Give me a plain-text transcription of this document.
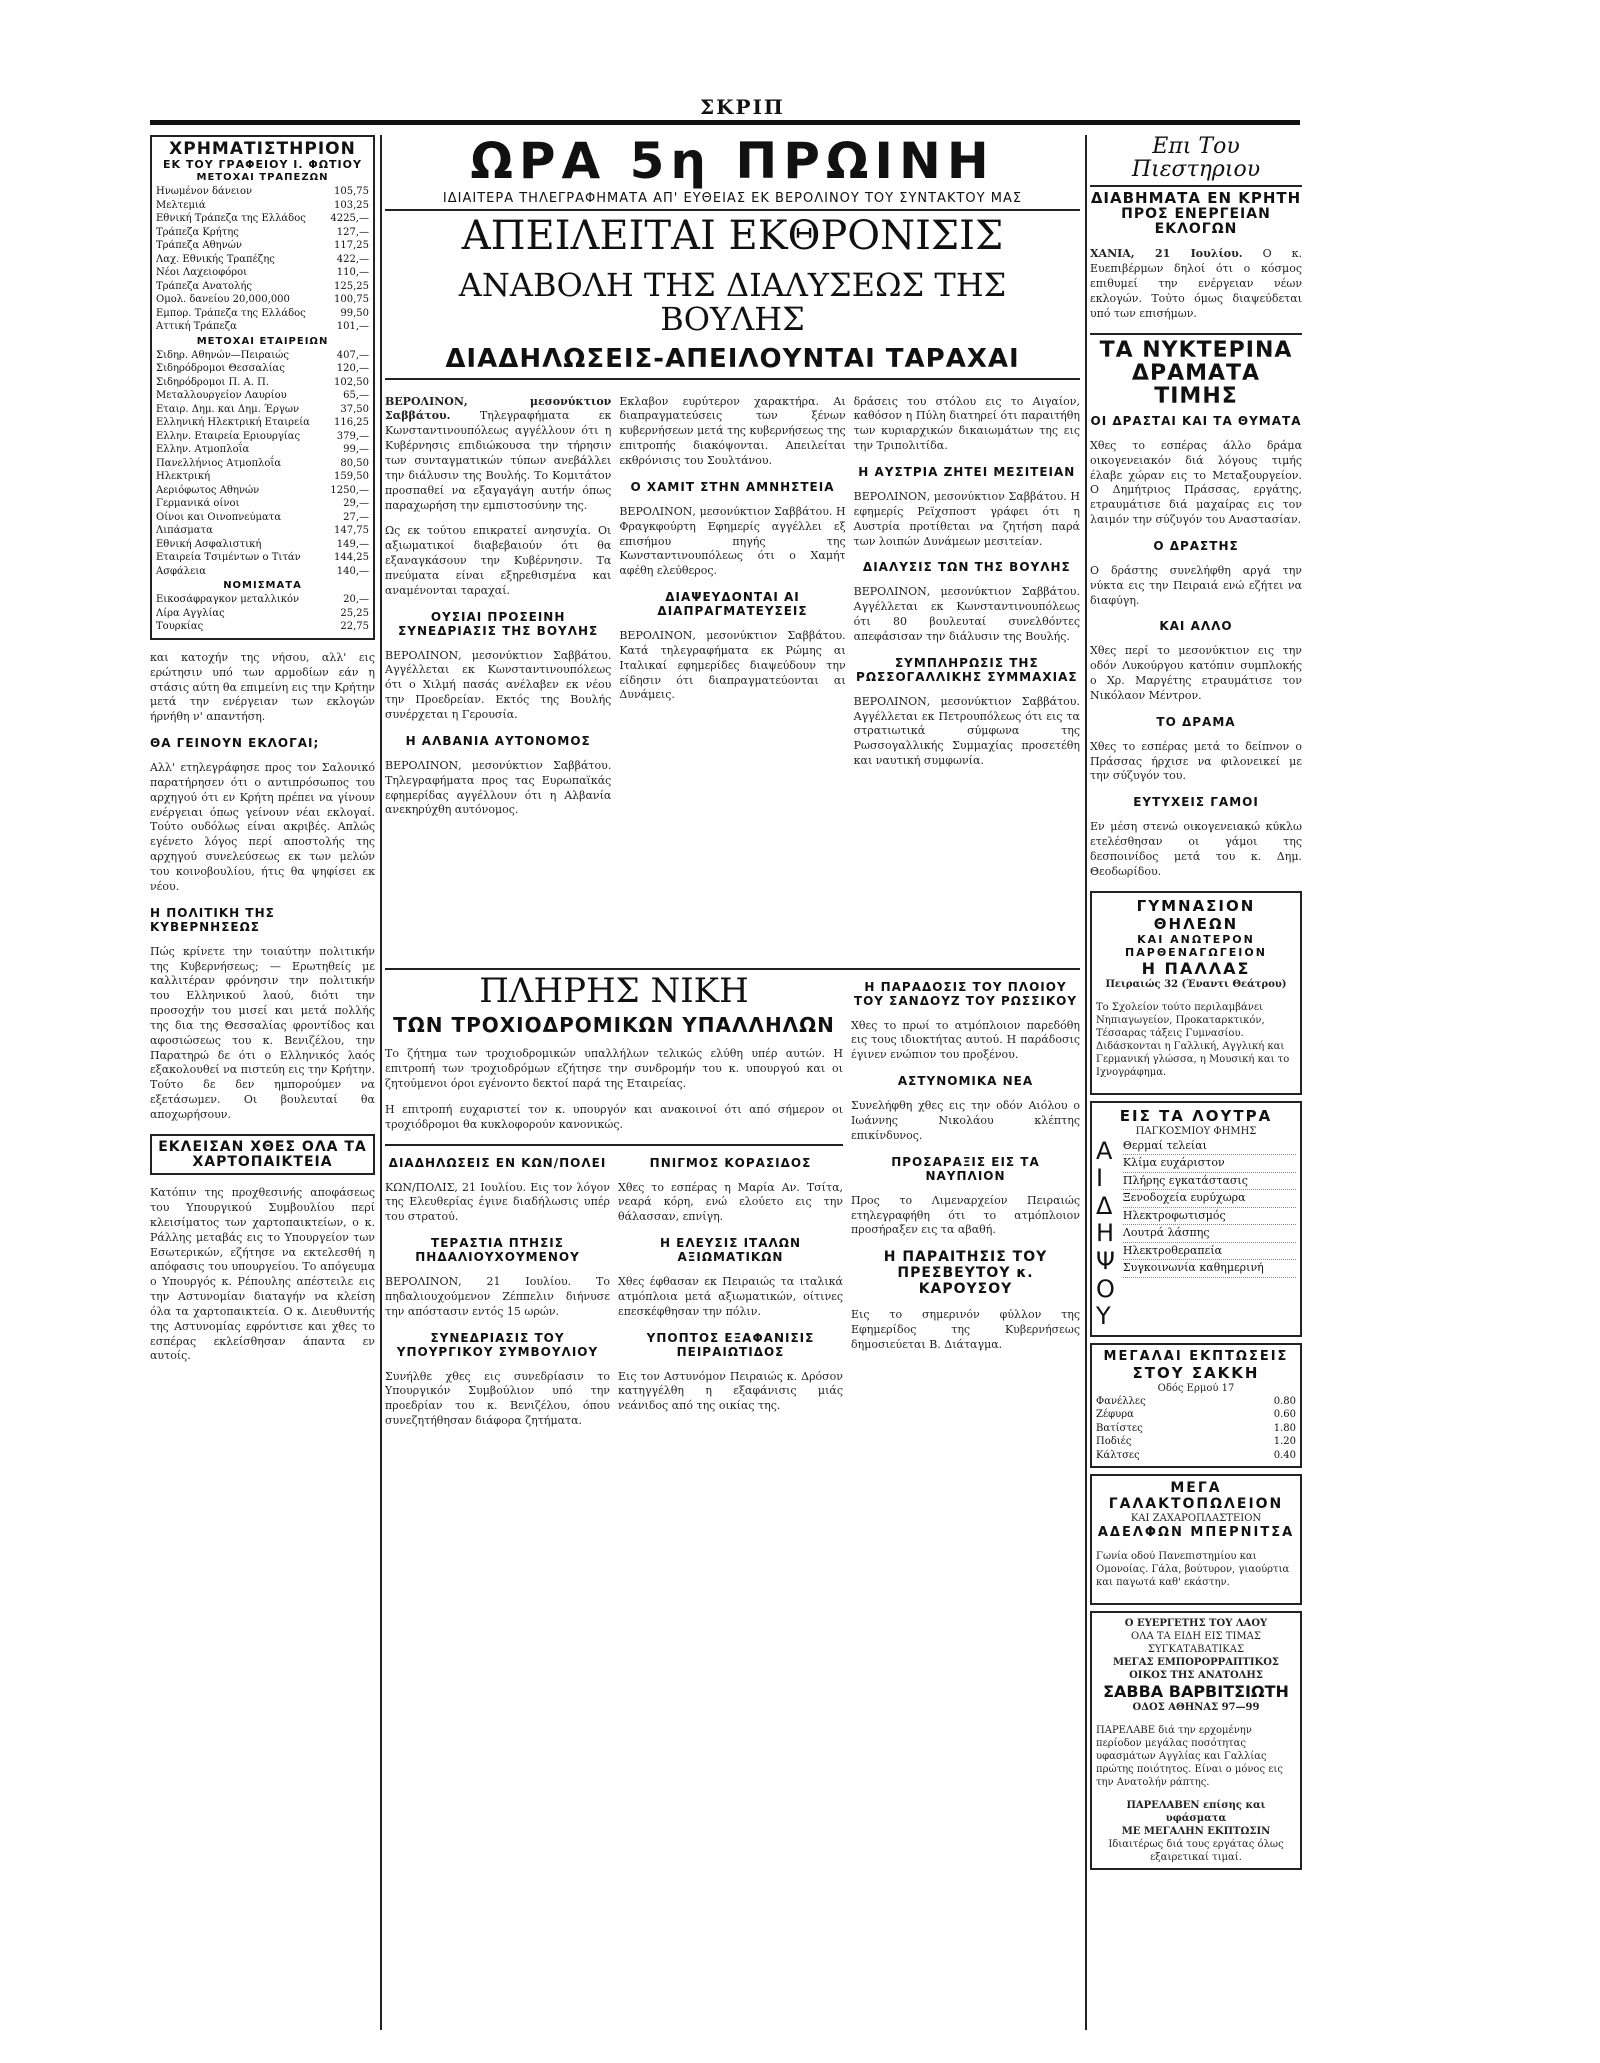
ΣΚΡΙΠ
ΧΡΗΜΑΤΙΣΤΗΡΙΟΝ
ΕΚ ΤΟΥ ΓΡΑΦΕΙΟΥ Ι. ΦΩΤΙΟΥ
ΜΕΤΟΧΑΙ ΤΡΑΠΕΖΩΝ
Ηνωμένον δάνειον	105,75
Μελτεμιά	103,25
Εθνική Τράπεζα της Ελλάδος 4225,—
Τράπεζα Κρήτης	127,—
Τράπεζα Αθηνών	117,25
Λαχ. Εθνικής Τραπέζης	422,—
Νέοι Λαχειοφόροι	110,—
Τράπεζα Ανατολής	125,25
Ομολ. δανείου 20,000,000	100,75
Εμπορ. Τράπεζα της Ελλάδος	99,50
Αττική Τράπεζα	101,—
ΜΕΤΟΧΑΙ ΕΤΑΙΡΕΙΩΝ
Σιδηρ. Αθηνών—Πειραιώς	407,—
Σιδηρόδρομοι Θεσσαλίας	120,—
Σιδηρόδρομοι Π. Α. Π.	102,50
Μεταλλουργείον Λαυρίου	65,—
Εταιρ. Δημ. και Δημ. Έργων	37,50
Ελληνική Ηλεκτρική Εταιρεία 116,25
Ελλην. Εταιρεία Εριουργίας	379,—
Ελλην. Ατμοπλοΐα	99,—
Πανελλήνιος Ατμοπλοΐα	80,50
Ηλεκτρική	159,50
Αεριόφωτος Αθηνών	1250,—
Γερμανικά οίνοι	29,—
Οίνοι και Οινοπνεύματα	27,—
Λιπάσματα	147,75
Εθνική Ασφαλιστική	149,—
Εταιρεία Τσιμέντων ο Τιτάν	144,25
Ασφάλεια	140,—
ΝΟΜΙΣΜΑΤΑ
Εικοσάφραγκον μεταλλικόν	20,—
Λίρα Αγγλίας	25,25
Τουρκίας	22,75

και κατοχήν της νήσου, αλλ' εις ερώτησιν υπό των αρμοδίων εάν η στάσις αύτη θα επιμείνη εις την Κρήτην μετά την ενέργειαν των εκλογών ήρνήθη ν' απαντήση.

ΘΑ ΓΕΙΝΟΥΝ ΕΚΛΟΓΑΙ;

Αλλ' ετηλεγράφησε προς τον Σαλονικό παρατήρησεν ότι ο αντιπρόσωπος του αρχηγού ότι εν Κρήτη πρέπει να γίνουν ενέργειαι όπως γείνουν νέαι εκλογαί. Τούτο ουδόλως είναι ακριβές. Απλώς εγένετο λόγος περί αποστολής της αρχηγού συνελεύσεως εκ των μελών του κοινοβουλίου, ήτις θα ψηφίσει εκ νέου.

Η ΠΟΛΙΤΙΚΗ ΤΗΣ ΚΥΒΕΡΝΗΣΕΩΣ

Πώς κρίνετε την τοιαύτην πολιτικήν της Κυβερνήσεως; — Ερωτηθείς με καλλιτέραν φρόνησιν την πολιτικήν του Ελληνικού λαού, διότι την προσοχήν του μισεί και μετά πολλής της δια της Θεσσαλίας φροντίδος και αφοσιώσεως του κ. Βενιζέλου, την Παρατηρώ δε ότι ο Ελληνικός λαός εξακολουθεί να πιστεύη εις την Κρήτην. Τούτο δε δεν ημπορούμεν να εξετάσωμεν. Οι βουλευταί θα αποχωρήσουν.

ΕΚΛΕΙΣΑΝ ΧΘΕΣ ΟΛΑ ΤΑ ΧΑΡΤΟΠΑΙΚΤΕΙΑ

Κατόπιν της προχθεσινής αποφάσεως του Υπουργικού Συμβουλίου περί κλεισίματος των χαρτοπαικτείων, ο κ. Ράλλης μεταβάς εις το Υπουργείον των Εσωτερικών, εζήτησε να εκτελεσθή η απόφασις του υπουργείου. Το απόγευμα ο Υπουργός κ. Ρέπουλης απέστειλε εις την Αστυνομίαν διαταγήν να κλείση όλα τα χαρτοπαικτεία. Ο κ. Διευθυντής της Αστυνομίας εφρόντισε και χθες το εσπέρας εκλείσθησαν άπαντα εν αυτοίς.

ΩΡΑ 5η ΠΡΩΙΝΗ
ΙΔΙΑΙΤΕΡΑ ΤΗΛΕΓΡΑΦΗΜΑΤΑ ΑΠ' ΕΥΘΕΙΑΣ ΕΚ ΒΕΡΟΛΙΝΟΥ ΤΟΥ ΣΥΝΤΑΚΤΟΥ ΜΑΣ
ΑΠΕΙΛΕΙΤΑΙ ΕΚΘΡΟΝΙΣΙΣ
ΑΝΑΒΟΛΗ ΤΗΣ ΔΙΑΛΥΣΕΩΣ ΤΗΣ ΒΟΥΛΗΣ
ΔΙΑΔΗΛΩΣΕΙΣ-ΑΠΕΙΛΟΥΝΤΑΙ ΤΑΡΑΧΑΙ

ΒΕΡΟΛΙΝΟΝ, μεσονύκτιον Σαββάτου.	Τηλεγραφήματα εκ Κωνσταντινουπόλεως αγγέλλουν ότι η Κυβέρνησις επιδιώκουσα την τήρησιν των συνταγματικών τύπων ανεβάλλει την διάλυσιν της Βουλής. Το Κομιτάτον προσπαθεί να εξαγαγάγη αυτήν όπως παραχωρήση την εμπιστοσύνην της.

Ως εκ τούτου επικρατεί ανησυχία. Οι αξιωματικοί διαβεβαιούν ότι θα εξαναγκάσουν την Κυβέρνησιν. Τα πνεύματα είναι εξηρεθισμένα και αναμένονται ταραχαί.

ΟΥΣΙΑΙ ΠΡΟΣΕΙΝΗ ΣΥΝΕΔΡΙΑΣΙΣ ΤΗΣ ΒΟΥΛΗΣ

ΒΕΡΟΛΙΝΟΝ, μεσονύκτιον Σαββάτου. Αγγέλλεται εκ Κωνσταντινουπόλεως ότι ο Χιλμή πασάς ανέλαβεν εκ νέου την Προεδρείαν. Εκτός της Βουλής συνέρχεται η Γερουσία.

Η ΑΛΒΑΝΙΑ ΑΥΤΟΝΟΜΟΣ

ΒΕΡΟΛΙΝΟΝ, μεσονύκτιον Σαββάτου. Τηλεγραφήματα προς τας Ευρωπαϊκάς εφημερίδας αγγέλλουν ότι η Αλβανία ανεκηρύχθη αυτόνομος.

Εκλαβον ευρύτερον χαρακτήρα. Αι διαπραγματεύσεις των ξένων κυβερνήσεων μετά της κυβερνήσεως της επιτροπής διακόψονται. Απειλείται εκθρόνισις του Σουλτάνου.

Ο ΧΑΜΙΤ ΣΤΗΝ ΑΜΝΗΣΤΕΙΑ

ΒΕΡΟΛΙΝΟΝ, μεσονύκτιον Σαββάτου. Η Φραγκφούρτη Εφημερίς αγγέλλει εξ επισήμου πηγής της Κωνσταντινουπόλεως ότι ο Χαμήτ αφέθη ελεύθερος.

ΔΙΑΨΕΥΔΟΝΤΑΙ ΑΙ ΔΙΑΠΡΑΓΜΑΤΕΥΣΕΙΣ

ΒΕΡΟΛΙΝΟΝ, μεσονύκτιον Σαββάτου. Κατά τηλεγραφήματα εκ Ρώμης αι Ιταλικαί εφημερίδες διαψεύδουν την είδησιν ότι διαπραγματεύονται αι Δυνάμεις.

δράσεις του στόλου εις το Αιγαίον, καθόσον η Πύλη διατηρεί ότι παραιτήθη των κυριαρχικών δικαιωμάτων της εις την Τριπολιτίδα.

Η ΑΥΣΤΡΙΑ ΖΗΤΕΙ ΜΕΣΙΤΕΙΑΝ

ΒΕΡΟΛΙΝΟΝ, μεσονύκτιον Σαββάτου. Η εφημερίς Ρεϊχσποστ γράφει ότι η Αυστρία προτίθεται να ζητήση παρά των λοιπών Δυνάμεων μεσιτείαν.

ΔΙΑΛΥΣΙΣ ΤΩΝ ΤΗΣ ΒΟΥΛΗΣ

ΒΕΡΟΛΙΝΟΝ, μεσονύκτιον Σαββάτου. Αγγέλλεται εκ Κωνσταντινουπόλεως ότι 80 βουλευταί συνελθόντες απεφάσισαν την διάλυσιν της Βουλής.

ΣΥΜΠΛΗΡΩΣΙΣ ΤΗΣ ΡΩΣΣΟΓΑΛΛΙΚΗΣ ΣΥΜΜΑΧΙΑΣ

ΒΕΡΟΛΙΝΟΝ, μεσονύκτιον Σαββάτου. Αγγέλλεται εκ Πετρουπόλεως ότι εις τα στρατιωτικά σύμφωνα της Ρωσσογαλλικής Συμμαχίας προσετέθη και ναυτική συμφωνία.

ΠΛΗΡΗΣ ΝΙΚΗ
ΤΩΝ ΤΡΟΧΙΟΔΡΟΜΙΚΩΝ ΥΠΑΛΛΗΛΩΝ

Το ζήτημα των τροχιοδρομικών υπαλλήλων τελικώς ελύθη υπέρ αυτών. Η επιτροπή των τροχιοδρόμων εζήτησε την συνδρομήν του κ. υπουργού και οι ζητούμενοι όροι εγένοντο δεκτοί παρά της Εταιρείας.

Η επιτροπή ευχαριστεί τον κ. υπουργόν και ανακοινοί ότι από σήμερον οι τροχιόδρομοι θα κυκλοφορούν κανονικώς.

ΔΙΑΔΗΛΩΣΕΙΣ ΕΝ ΚΩΝ/ΠΟΛΕΙ

ΚΩΝ/ΠΟΛΙΣ, 21 Ιουλίου. Εις τον λόγον της Ελευθερίας έγινε διαδήλωσις υπέρ του στρατού.

ΤΕΡΑΣΤΙΑ ΠΤΗΣΙΣ ΠΗΔΑΛΙΟΥΧΟΥΜΕΝΟΥ

ΒΕΡΟΛΙΝΟΝ, 21 Ιουλίου. Το πηδαλιουχούμενον Ζέππελιν διήνυσε την απόστασιν εντός 15 ωρών.

ΣΥΝΕΔΡΙΑΣΙΣ ΤΟΥ ΥΠΟΥΡΓΙΚΟΥ ΣΥΜΒΟΥΛΙΟΥ

Συνήλθε χθες εις συνεδρίασιν το Υπουργικόν Συμβούλιον υπό την προεδρίαν του κ. Βενιζέλου, όπου συνεζητήθησαν διάφορα ζητήματα.

ΠΝΙΓΜΟΣ ΚΟΡΑΣΙΔΟΣ

Χθες το εσπέρας η Μαρία Αν. Τσίτα, νεαρά κόρη, ενώ ελούετο εις την θάλασσαν, επνίγη.

Η ΕΛΕΥΣΙΣ ΙΤΑΛΩΝ ΑΞΙΩΜΑΤΙΚΩΝ

Χθες έφθασαν εκ Πειραιώς τα ιταλικά ατμόπλοια μετά αξιωματικών, οίτινες επεσκέφθησαν την πόλιν.

ΥΠΟΠΤΟΣ ΕΞΑΦΑΝΙΣΙΣ ΠΕΙΡΑΙΩΤΙΔΟΣ

Εις τον Αστυνόμον Πειραιώς κ. Δρόσον κατηγγέλθη η εξαφάνισις μιάς νεάνιδος από της οικίας της.

Η ΠΑΡΑΔΟΣΙΣ ΤΟΥ ΠΛΟΙΟΥ ΤΟΥ ΣΑΝΔΟΥΖ ΤΟΥ ΡΩΣΣΙΚΟΥ

Χθες το πρωί το ατμόπλοιον παρεδόθη εις τους ιδιοκτήτας αυτού. Η παράδοσις έγινεν ενώπιον του προξένου.

ΑΣΤΥΝΟΜΙΚΑ ΝΕΑ

Συνελήφθη χθες εις την οδόν Αιόλου ο Ιωάννης Νικολάου κλέπτης επικίνδυνος.

ΠΡΟΣΑΡΑΞΙΣ ΕΙΣ ΤΑ ΝΑΥΠΛΙΟΝ

Προς το Λιμεναρχείον Πειραιώς ετηλεγραφήθη ότι το ατμόπλοιον προσήραξεν εις τα αβαθή.

Η ΠΑΡΑΙΤΗΣΙΣ ΤΟΥ ΠΡΕΣΒΕΥΤΟΥ κ. ΚΑΡΟΥΣΟΥ

Εις το σημερινόν φύλλον της Εφημερίδος της Κυβερνήσεως δημοσιεύεται Β. Διάταγμα.

Επι Του Πιεστηριου
ΔΙΑΒΗΜΑΤΑ ΕΝ ΚΡΗΤΗ
ΠΡΟΣ ΕΝΕΡΓΕΙΑΝ ΕΚΛΟΓΩΝ

ΧΑΝΙΑ, 21 Ιουλίου. Ο κ. Ευεπιβέρμων δηλοί ότι ο κόσμος επιθυμεί την ενέργειαν νέων εκλογών. Τούτο όμως διαψεύδεται υπό των επισήμων.

ΤΑ ΝΥΚΤΕΡΙΝΑ
ΔΡΑΜΑΤΑ ΤΙΜΗΣ
ΟΙ ΔΡΑΣΤΑΙ ΚΑΙ ΤΑ ΘΥΜΑΤΑ

Χθες το εσπέρας άλλο δράμα οικογενειακόν διά λόγους τιμής έλαβε χώραν εις το Μεταξουργείον. Ο Δημήτριος Πράσσας, εργάτης, ετραυμάτισε διά μαχαίρας εις τον λαιμόν την σύζυγόν του Αναστασίαν.

Ο ΔΡΑΣΤΗΣ

Ο δράστης συνελήφθη αργά την νύκτα εις την Πειραιά ενώ εζήτει να διαφύγη.

ΚΑΙ ΑΛΛΟ

Χθες περί το μεσονύκτιον εις την οδόν Λυκούργου κατόπιν συμπλοκής ο Χρ. Μαργέτης ετραυμάτισε τον Νικόλαον Μέντρον.

ΤΟ ΔΡΑΜΑ

Χθες το εσπέρας μετά το δείπνον ο Πράσσας ήρχισε να φιλονεικεί με την σύζυγόν του.

ΕΥΤΥΧΕΙΣ ΓΑΜΟΙ

Εν μέση στενώ οικογενειακώ κύκλω ετελέσθησαν οι γάμοι της δεσποινίδος μετά του κ. Δημ. Θεοδωρίδου.

ΓΥΜΝΑΣΙΟΝ ΘΗΛΕΩΝ
ΚΑΙ ΑΝΩΤΕΡΟΝ ΠΑΡΘΕΝΑΓΩΓΕΙΟΝ
Η ΠΑΛΛΑΣ
Πειραιώς 32 (Έναντι Θεάτρου)

Το Σχολείον τούτο περιλαμβάνει Νηπιαγωγείον, Προκαταρκτικόν, Τέσσαρας τάξεις Γυμνασίου. Διδάσκονται η Γαλλική, Αγγλική και Γερμανική γλώσσα, η Μουσική και το Ιχνογράφημα.

ΕΙΣ ΤΑ ΛΟΥΤΡΑ
ΠΑΓΚΟΣΜΙΟΥ ΦΗΜΗΣ
Α
Ι
Δ
Η
Ψ
Ο
Υ
Θερμαί τελείαι
Κλίμα ευχάριστον
Πλήρης εγκατάστασις
Ξενοδοχεία ευρύχωρα
Ηλεκτροφωτισμός
Λουτρά λάσπης
Ηλεκτροθεραπεία
Συγκοινωνία καθημερινή
ΜΕΓΑΛΑΙ ΕΚΠΤΩΣΕΙΣ
ΣΤΟΥ ΣΑΚΚΗ
Οδός Ερμού 17
Φανέλλες	0.80
Ζέφυρα	0.60
Βατίστες	1.80
Ποδιές	1.20
Κάλτσες	0.40
ΜΕΓΑ ΓΑΛΑΚΤΟΠΩΛΕΙΟΝ
ΚΑΙ ΖΑΧΑΡΟΠΛΑΣΤΕΙΟΝ
ΑΔΕΛΦΩΝ ΜΠΕΡΝΙΤΣΑ

Γωνία οδού Πανεπιστημίου και Ομονοίας. Γάλα, βούτυρον, γιαούρτια και παγωτά καθ' εκάστην.

Ο ΕΥΕΡΓΕΤΗΣ ΤΟΥ ΛΑΟΥ
ΟΛΑ ΤΑ ΕΙΔΗ ΕΙΣ ΤΙΜΑΣ ΣΥΓΚΑΤΑΒΑΤΙΚΑΣ
ΜΕΓΑΣ ΕΜΠΟΡΟΡΡΑΠΤΙΚΟΣ ΟΙΚΟΣ ΤΗΣ ΑΝΑΤΟΛΗΣ
ΣΑΒΒΑ ΒΑΡΒΙΤΣΙΩΤΗ
ΟΔΟΣ ΑΘΗΝΑΣ 97—99

ΠΑΡΕΛΑΒΕ διά την ερχομένην περίοδον μεγάλας ποσότητας υφασμάτων Αγγλίας και Γαλλίας πρώτης ποιότητος. Είναι ο μόνος εις την Ανατολήν ράπτης.

ΠΑΡΕΛΑΒΕΝ επίσης και υφάσματα
ΜΕ ΜΕΓΑΛΗΝ ΕΚΠΤΩΣΙΝ
Ιδιαιτέρως διά τους εργάτας όλως εξαιρετικαί τιμαί.
